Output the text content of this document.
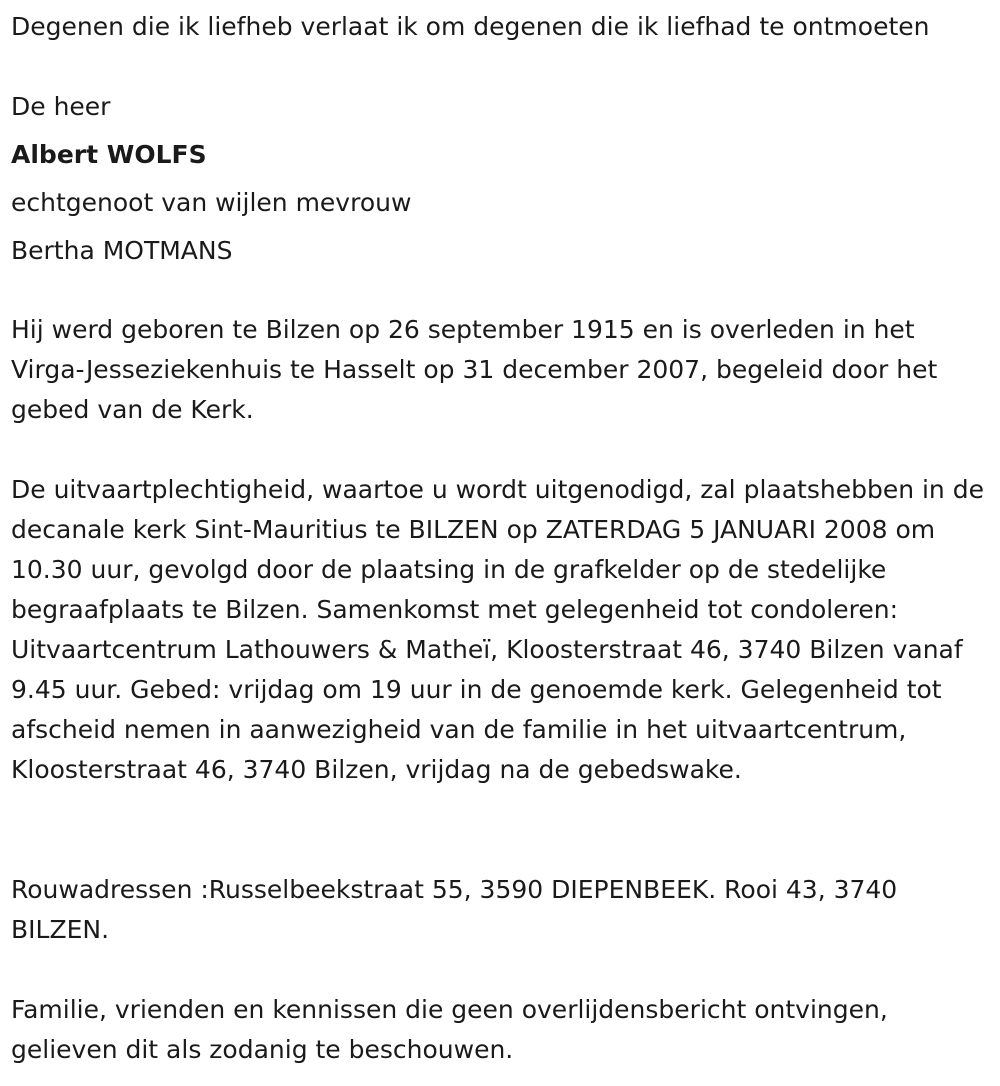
Degenen die ik liefheb verlaat ik om degenen die ik liefhad te ontmoeten

De heer

Albert WOLFS

echtgenoot van wijlen mevrouw

Bertha MOTMANS

Hij werd geboren te Bilzen op 26 september 1915 en is overleden in het Virga-Jesseziekenhuis te Hasselt op 31 december 2007, begeleid door het gebed van de Kerk.

De uitvaartplechtigheid, waartoe u wordt uitgenodigd, zal plaatshebben in de decanale kerk Sint-Mauritius te BILZEN op ZATERDAG 5 JANUARI 2008 om 10.30 uur, gevolgd door de plaatsing in de grafkelder op de stedelijke begraafplaats te Bilzen. Samenkomst met gelegenheid tot condoleren: Uitvaartcentrum Lathouwers & Matheï, Kloosterstraat 46, 3740 Bilzen vanaf 9.45 uur. Gebed: vrijdag om 19 uur in de genoemde kerk. Gelegenheid tot afscheid nemen in aanwezigheid van de familie in het uitvaartcentrum, Kloosterstraat 46, 3740 Bilzen, vrijdag na de gebedswake.

Rouwadressen :Russelbeekstraat 55, 3590 DIEPENBEEK. Rooi 43, 3740 BILZEN.

Familie, vrienden en kennissen die geen overlijdensbericht ontvingen, gelieven dit als zodanig te beschouwen.
